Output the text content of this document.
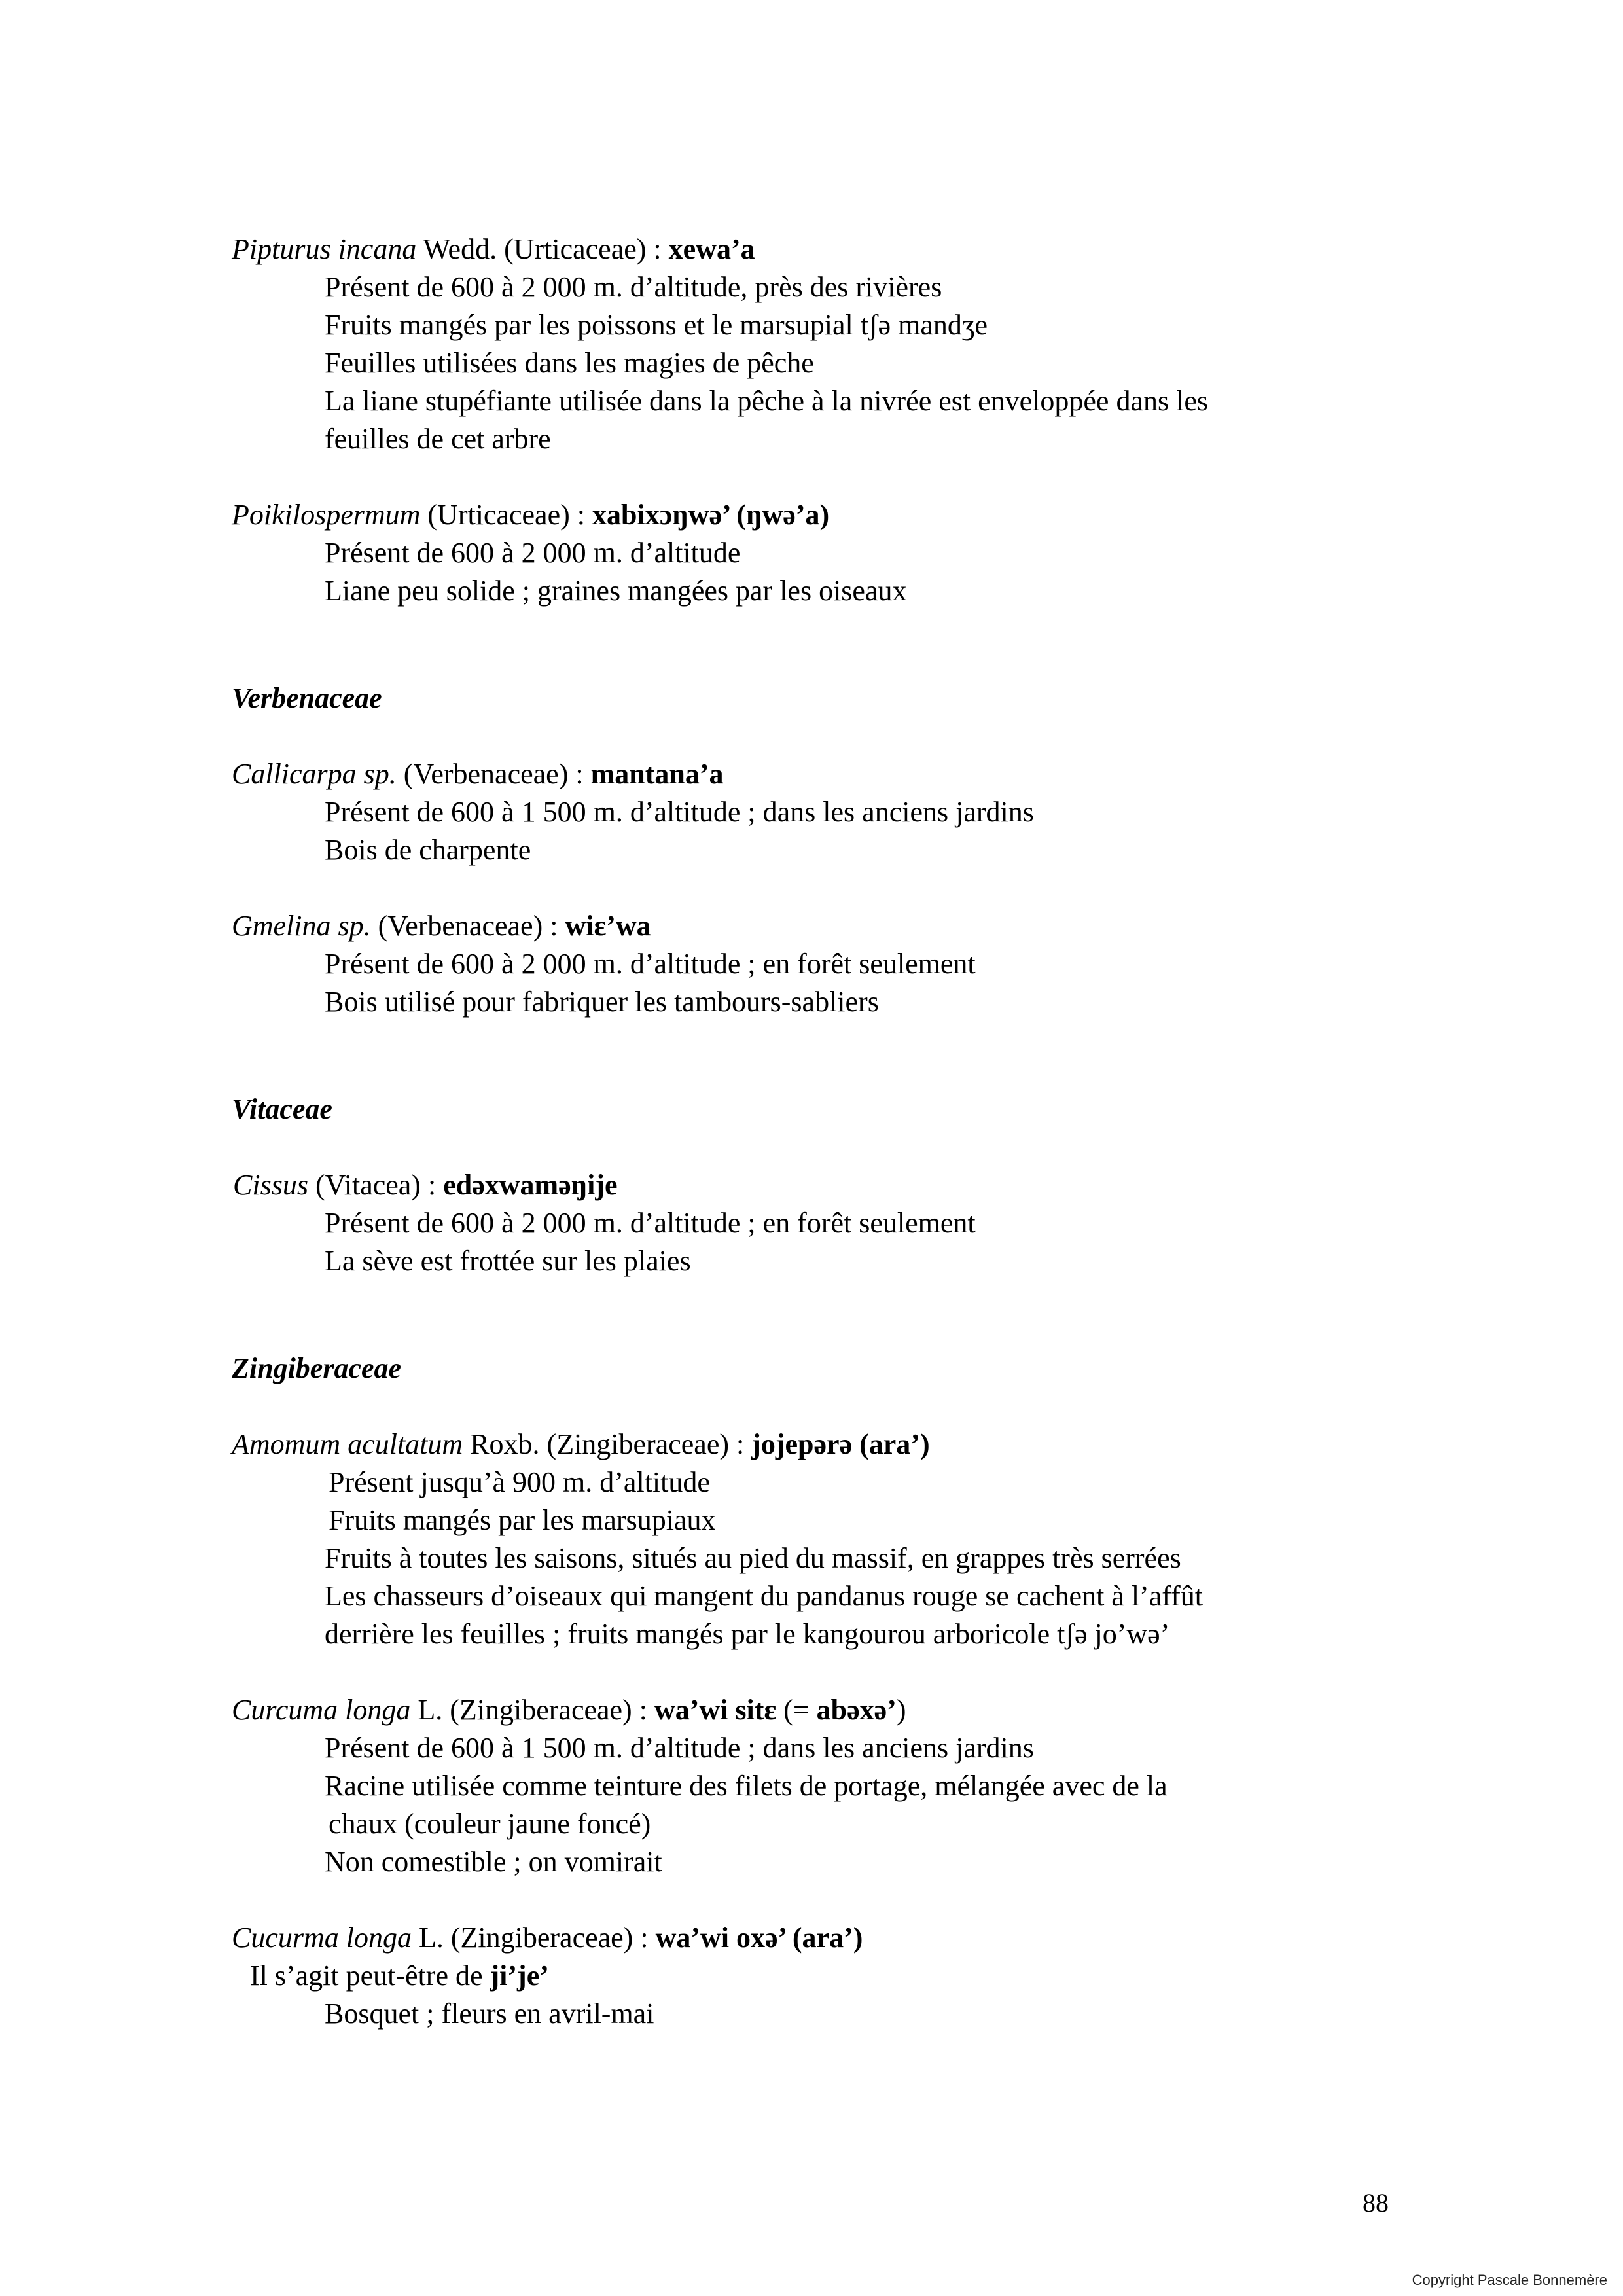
Pipturus incana Wedd. (Urticaceae) : xewa’a
Présent de 600 à 2 000 m. d’altitude, près des rivières
Fruits mangés par les poissons et le marsupial tʃə mandʒe
Feuilles utilisées dans les magies de pêche
La liane stupéfiante utilisée dans la pêche à la nivrée est enveloppée dans les
feuilles de cet arbre
Poikilospermum (Urticaceae) : xabixɔŋwə’ (ŋwə’a)
Présent de 600 à 2 000 m. d’altitude
Liane peu solide ; graines mangées par les oiseaux
Verbenaceae
Callicarpa sp. (Verbenaceae) : mantana’a
Présent de 600 à 1 500 m. d’altitude ; dans les anciens jardins
Bois de charpente
Gmelina sp. (Verbenaceae) : wiɛ’wa
Présent de 600 à 2 000 m. d’altitude ; en forêt seulement
Bois utilisé pour fabriquer les tambours-sabliers
Vitaceae
Cissus (Vitacea) : edəxwaməŋije
Présent de 600 à 2 000 m. d’altitude ; en forêt seulement
La sève est frottée sur les plaies
Zingiberaceae
Amomum acultatum Roxb. (Zingiberaceae) : jojepərə (ara’)
Présent jusqu’à 900 m. d’altitude
Fruits mangés par les marsupiaux
Fruits à toutes les saisons, situés au pied du massif, en grappes très serrées
Les chasseurs d’oiseaux qui mangent du pandanus rouge se cachent à l’affût
derrière les feuilles ; fruits mangés par le kangourou arboricole tʃə jo’wə’
Curcuma longa L. (Zingiberaceae) : wa’wi sitɛ (= abəxə’)
Présent de 600 à 1 500 m. d’altitude ; dans les anciens jardins
Racine utilisée comme teinture des filets de portage, mélangée avec de la
chaux (couleur jaune foncé)
Non comestible ; on vomirait
Cucurma longa L. (Zingiberaceae) : wa’wi oxə’ (ara’)
Il s’agit peut-être de ji’je’
Bosquet ; fleurs en avril-mai
88
Copyright Pascale Bonnemère
